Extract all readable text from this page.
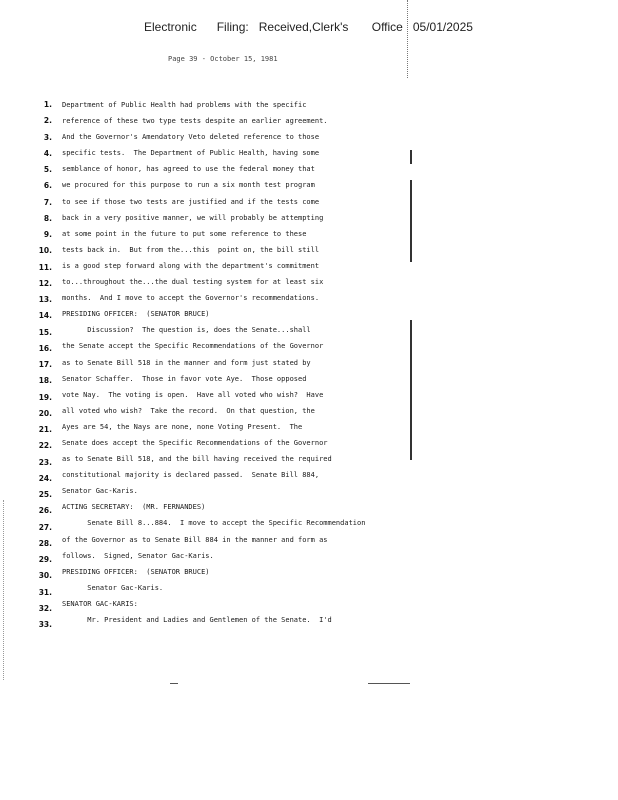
Electronic Filing: Received,Clerk's Office 05/01/2025
Page 39 - October 15, 1981
1.
2.
3.
4.
5.
6.
7.
8.
9.
10.
11.
12.
13.
14.
15.
16.
17.
18.
19.
20.
21.
22.
23.
24.
25.
26.
27.
28.
29.
30.
31.
32.
33.
Department of Public Health had problems with the specific
reference of these two type tests despite an earlier agreement.
And the Governor's Amendatory Veto deleted reference to those
specific tests.  The Department of Public Health, having some
semblance of honor, has agreed to use the federal money that
we procured for this purpose to run a six month test program
to see if those two tests are justified and if the tests come
back in a very positive manner, we will probably be attempting
at some point in the future to put some reference to these
tests back in.  But from the...this  point on, the bill still
is a good step forward along with the department's commitment
to...throughout the...the dual testing system for at least six
months.  And I move to accept the Governor's recommendations.
PRESIDING OFFICER:  (SENATOR BRUCE)
Discussion?  The question is, does the Senate...shall
the Senate accept the Specific Recommendations of the Governor
as to Senate Bill 518 in the manner and form just stated by
Senator Schaffer.  Those in favor vote Aye.  Those opposed
vote Nay.  The voting is open.  Have all voted who wish?  Have
all voted who wish?  Take the record.  On that question, the
Ayes are 54, the Nays are none, none Voting Present.  The
Senate does accept the Specific Recommendations of the Governor
as to Senate Bill 518, and the bill having received the required
constitutional majority is declared passed.  Senate Bill 884,
Senator Gac-Karis.
ACTING SECRETARY:  (MR. FERNANDES)
Senate Bill 8...884.  I move to accept the Specific Recommendation
of the Governor as to Senate Bill 884 in the manner and form as
follows.  Signed, Senator Gac-Karis.
PRESIDING OFFICER:  (SENATOR BRUCE)
Senator Gac-Karis.
SENATOR GAC-KARIS:
Mr. President and Ladies and Gentlemen of the Senate.  I'd
